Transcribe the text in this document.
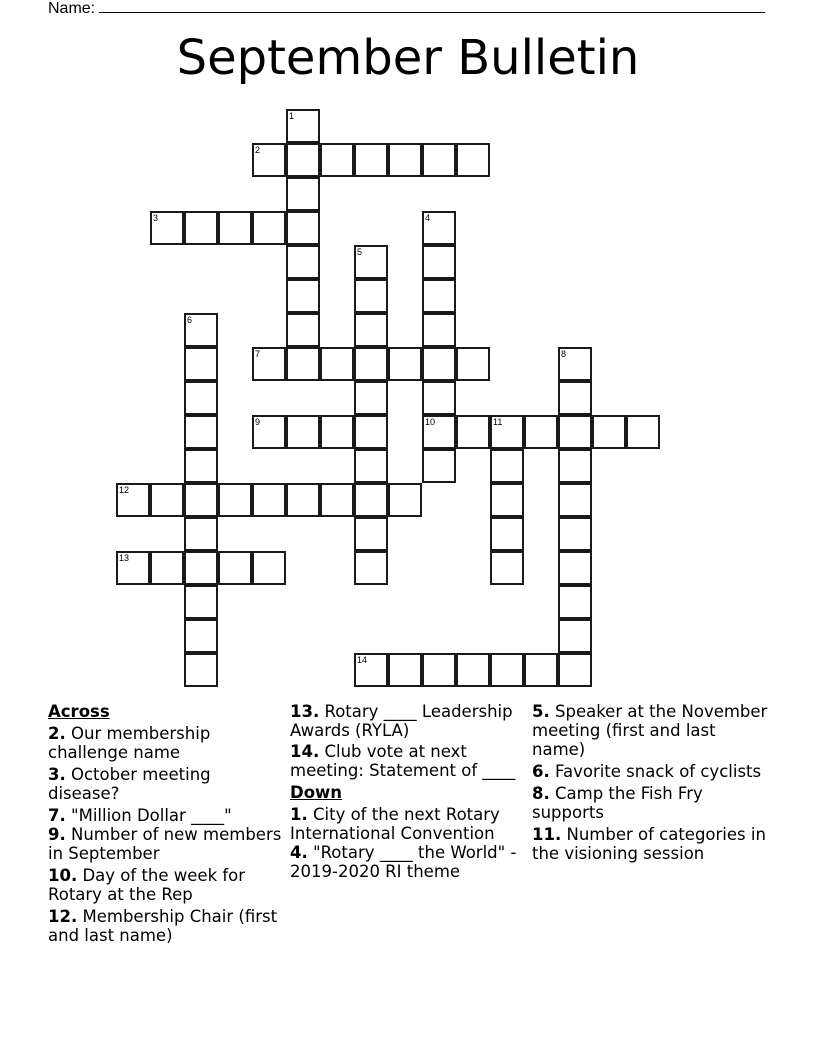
Name:
September Bulletin
1
2
3	4
10
5
6
7	8
9	11
12
13
14
Across
2. Our membership challenge name
3. October meeting disease?
7. "Million Dollar ____"
9. Number of new members in September
10. Day of the week for Rotary at the Rep
12. Membership Chair (first and last name)
13. Rotary ____ Leadership Awards (RYLA)
14. Club vote at next meeting: Statement of ____
Down
1. City of the next Rotary International Convention
4. "Rotary ____ the World" - 2019-2020 RI theme
5. Speaker at the November meeting (first and last name)
6. Favorite snack of cyclists
8. Camp the Fish Fry supports
11. Number of categories in the visioning session
